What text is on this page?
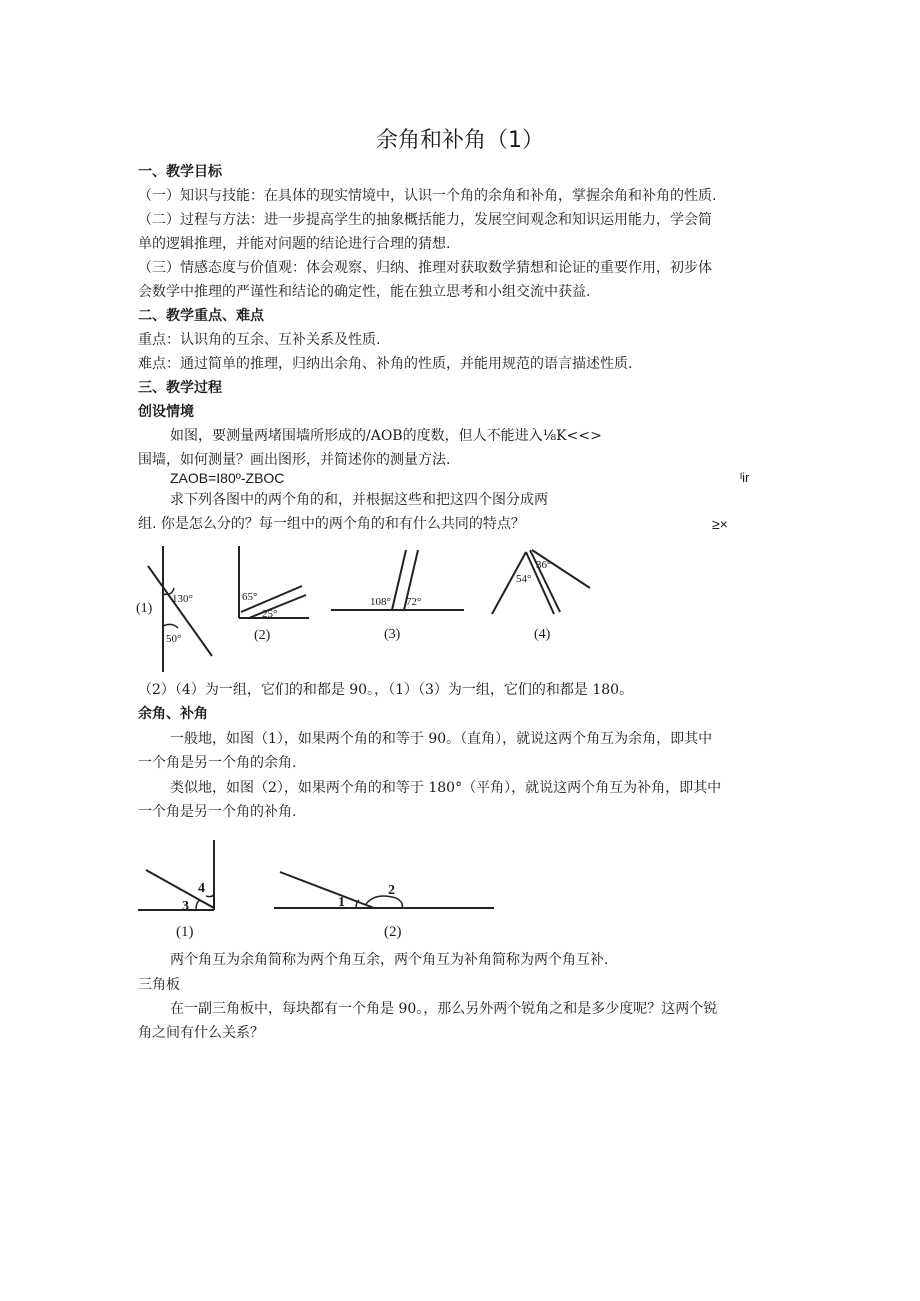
余角和补角（1）
一、教学目标
（一）知识与技能：在具体的现实情境中，认识一个角的余角和补角，掌握余角和补角的性质.
（二）过程与方法：进一步提高学生的抽象概括能力，发展空间观念和知识运用能力，学会简
单的逻辑推理，并能对问题的结论进行合理的猜想.
（三）情感态度与价值观：体会观察、归纳、推理对获取数学猜想和论证的重要作用，初步体
会数学中推理的严谨性和结论的确定性，能在独立思考和小组交流中获益.
二、教学重点、难点
重点：认识角的互余、互补关系及性质.
难点：通过简单的推理，归纳出余角、补角的性质，并能用规范的语言描述性质.
三、教学过程
创设情境
如图，要测量两堵围墙所形成的/AOB的度数，但人不能进入⅛K<<>
围墙，如何测量？画出图形，并简述你的测量方法.
ZAOB=I80º-ZBOC	ᴵir
求下列各图中的两个角的和，并根据这些和把这四个图分成两
组. 你是怎么分的？每一组中的两个角的和有什么共同的特点？	≥×
(1)
130°
50°
65°
25°
(2)
108° 72°
(3)
54°
36°
(4)
（2）（4）为一组，它们的和都是 90。，（1）（3）为一组，它们的和都是 180。
余角、补角
一般地，如图（1），如果两个角的和等于 90。（直角），就说这两个角互为余角，即其中
一个角是另一个角的余角.
类似地，如图（2），如果两个角的和等于 180°（平角），就说这两个角互为补角，即其中
一个角是另一个角的补角.
3
4
(1)
1
2
(2)
两个角互为余角简称为两个角互余，两个角互为补角简称为两个角互补.
三角板
在一副三角板中，每块都有一个角是 90。，那么另外两个锐角之和是多少度呢？这两个锐
角之间有什么关系？
